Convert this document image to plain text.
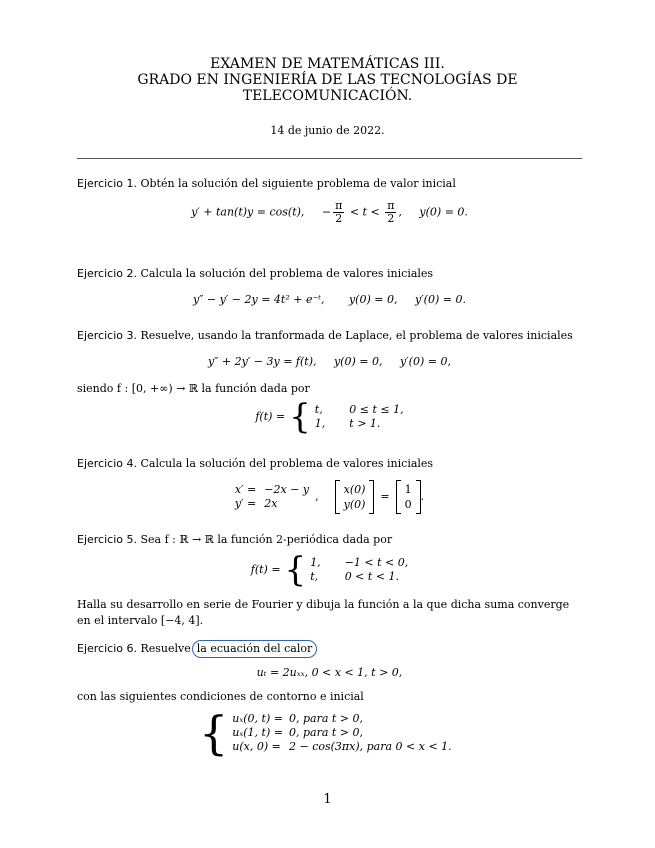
EXAMEN DE MATEMÁTICAS III.
GRADO EN INGENIERÍA DE LAS TECNOLOGÍAS DE
TELECOMUNICACIÓN.
14 de junio de 2022.
Ejercicio 1. Obtén la solución del siguiente problema de valor inicial
y′ + tan(t)y = cos(t), − $\frac{\pi}{2} < t < \frac{\pi}{2}$ ,     y(0) = 0.
Ejercicio 2. Calcula la solución del problema de valores iniciales
y″ − y′ − 2y = 4t² + e⁻ᵗ, y(0) = 0, y′(0) = 0.
Ejercicio 3. Resuelve, usando la tranformada de Laplace, el problema de valores iniciales
y″ + 2y′ − 3y = f(t), y(0) = 0, y′(0) = 0,
siendo f : [0, +∞) → ℝ la función dada por
f(t) = { t, 0 ≤ t ≤ 1,
1, t > 1.
Ejercicio 4. Calcula la solución del problema de valores iniciales
x′ = −2x − y
y′ = 2x
,
x(0)
y(0)
=
1
0
.
Ejercicio 5. Sea f : ℝ → ℝ la función 2-periódica dada por
f(t) = { 1, −1 < t < 0,
t, 0 < t < 1.
Halla su desarrollo en serie de Fourier y dibuja la función a la que dicha suma converge en el intervalo [−4, 4].
Ejercicio 6. Resuelve la ecuación del calor
uₜ = 2uₓₓ, 0 < x < 1, t > 0,
con las siguientes condiciones de contorno e inicial
{ uₓ(0, t) = 0, para t > 0,
uₓ(1, t) = 0, para t > 0,
u(x, 0) = 2 − cos(3πx), para 0 < x < 1.
1
